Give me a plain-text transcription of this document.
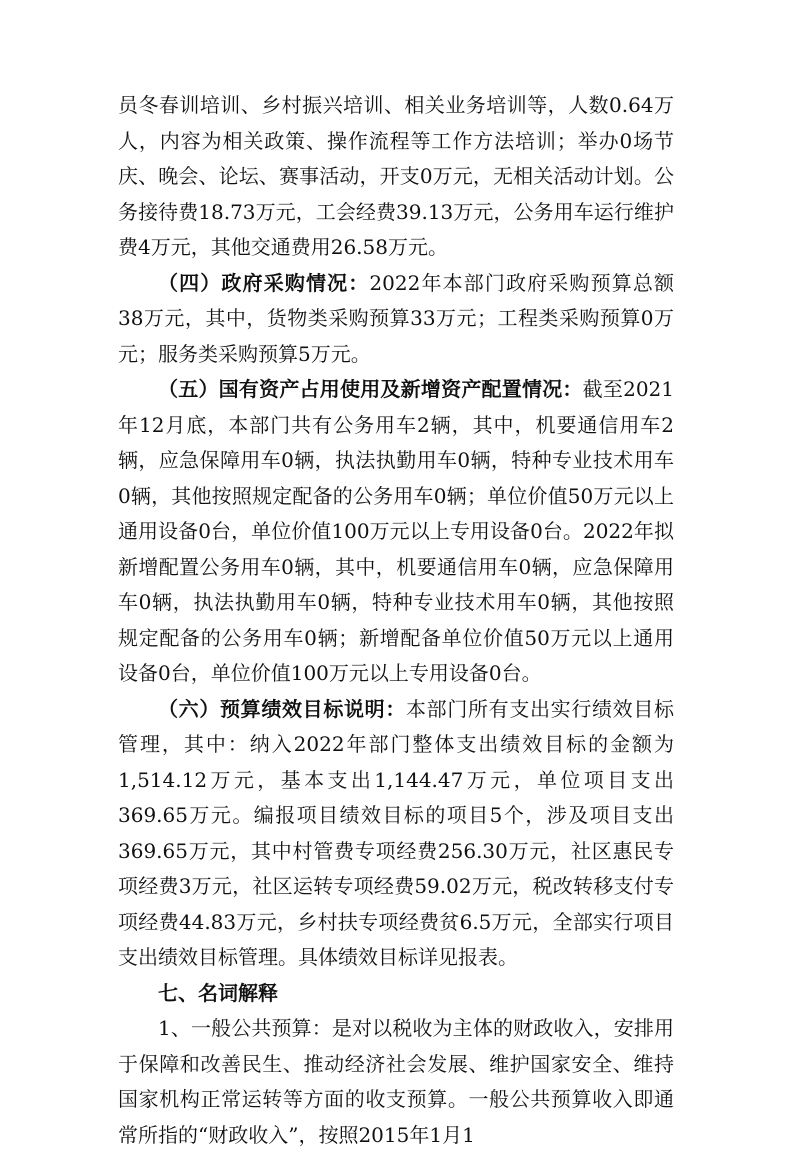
员冬春训培训、乡村振兴培训、相关业务培训等，人数0.64万人，内容为相关政策、操作流程等工作方法培训；举办0场节庆、晚会、论坛、赛事活动，开支0万元，无相关活动计划。公务接待费18.73万元，工会经费39.13万元，公务用车运行维护费4万元，其他交通费用26.58万元。

（四）政府采购情况：2022年本部门政府采购预算总额38万元，其中，货物类采购预算33万元；工程类采购预算0万元；服务类采购预算5万元。

（五）国有资产占用使用及新增资产配置情况：截至2021年12月底，本部门共有公务用车2辆，其中，机要通信用车2辆，应急保障用车0辆，执法执勤用车0辆，特种专业技术用车0辆，其他按照规定配备的公务用车0辆；单位价值50万元以上通用设备0台，单位价值100万元以上专用设备0台。2022年拟新增配置公务用车0辆，其中，机要通信用车0辆，应急保障用车0辆，执法执勤用车0辆，特种专业技术用车0辆，其他按照规定配备的公务用车0辆；新增配备单位价值50万元以上通用设备0台，单位价值100万元以上专用设备0台。

（六）预算绩效目标说明：本部门所有支出实行绩效目标管理，其中：纳入2022年部门整体支出绩效目标的金额为1,514.12万元，基本支出1,144.47万元，单位项目支出369.65万元。编报项目绩效目标的项目5个，涉及项目支出369.65万元，其中村管费专项经费256.30万元，社区惠民专项经费3万元，社区运转专项经费59.02万元，税改转移支付专项经费44.83万元，乡村扶专项经费贫6.5万元，全部实行项目支出绩效目标管理。具体绩效目标详见报表。

七、名词解释

1、一般公共预算：是对以税收为主体的财政收入，安排用于保障和改善民生、推动经济社会发展、维护国家安全、维持国家机构正常运转等方面的收支预算。一般公共预算收入即通常所指的“财政收入”，按照2015年1月1
